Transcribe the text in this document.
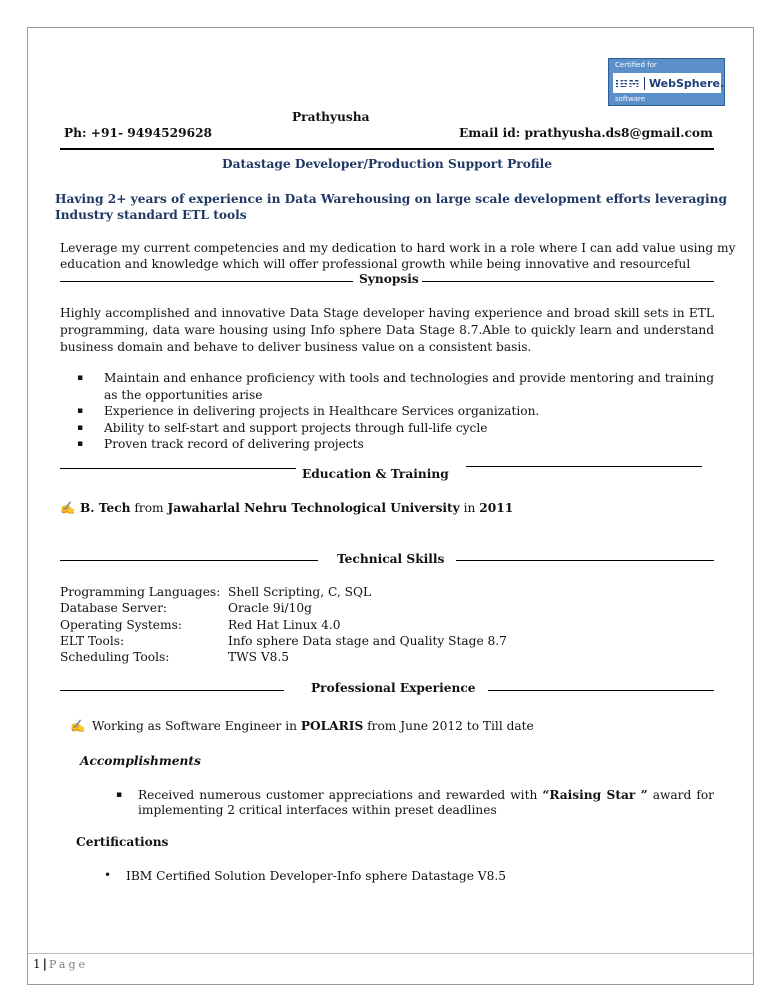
Certified for
IBM WebSphere.
software
Prathyusha
Ph: +91- 9494529628	Email id: prathyusha.ds8@gmail.com
Datastage Developer/Production Support Profile
Having 2+ years of experience in Data Warehousing on large scale development efforts leveraging
Industry standard ETL tools
Leverage my current competencies and my dedication to hard work in a role where I can add value using my
education and knowledge which will offer professional growth while being innovative and resourceful
Synopsis
Highly accomplished and innovative Data Stage developer having experience and broad skill sets in ETL
programming, data ware housing using Info sphere Data Stage 8.7.Able to quickly learn and understand
business domain and behave to deliver business value on a consistent basis.
▪ Maintain and enhance proficiency with tools and technologies and provide mentoring and training as the opportunities arise
▪ Experience in delivering projects in Healthcare Services organization.
▪ Ability to self-start and support projects through full-life cycle
▪ Proven track record of delivering projects
Education & Training
✍ B. Tech from Jawaharlal Nehru Technological University in 2011
Technical Skills
Programming Languages:	Shell Scripting, C, SQL
Database Server:	Oracle 9i/10g
Operating Systems:	Red Hat Linux 4.0
ELT Tools:	Info sphere Data stage and Quality Stage 8.7
Scheduling Tools:	TWS V8.5
Professional Experience
✍ Working as Software Engineer in POLARIS from June 2012 to Till date
Accomplishments
▪ Received numerous customer appreciations and rewarded with “Raising Star ” award for
implementing 2 critical interfaces within preset deadlines
Certifications
• IBM Certified Solution Developer-Info sphere Datastage V8.5
1 | Page
